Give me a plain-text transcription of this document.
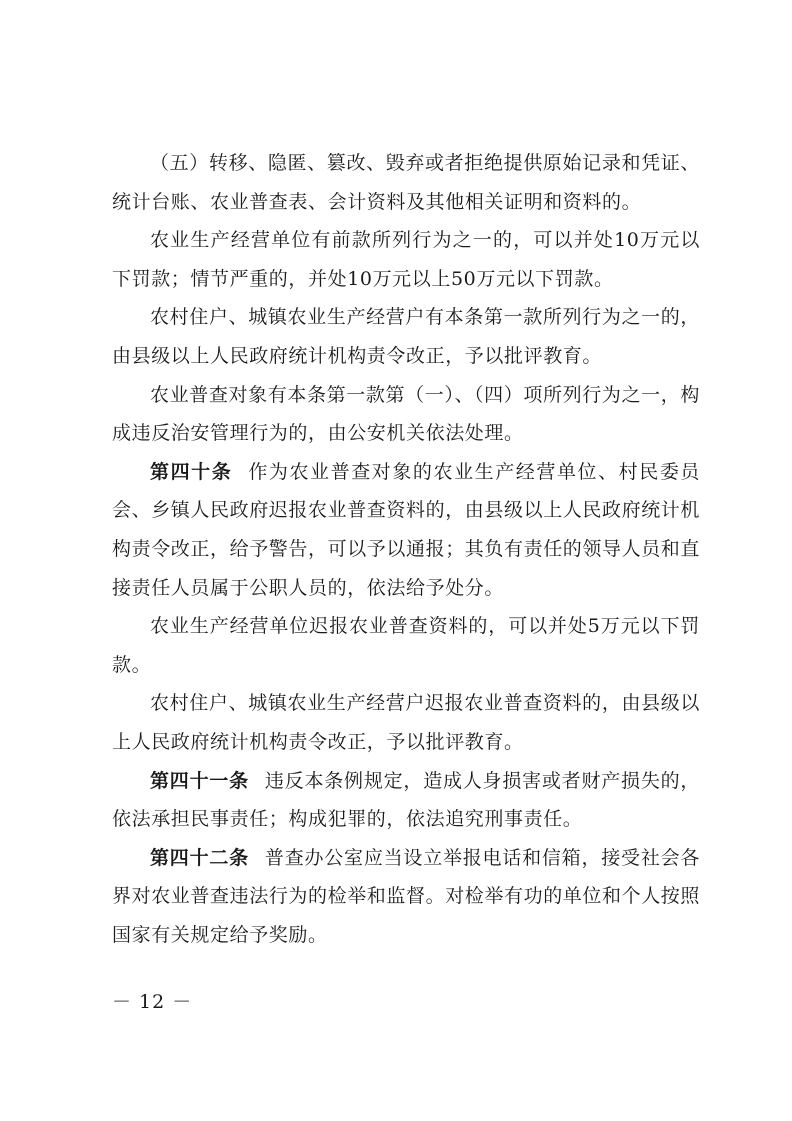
（五）转移、隐匿、篡改、毁弃或者拒绝提供原始记录和凭证、统计台账、农业普查表、会计资料及其他相关证明和资料的。

农业生产经营单位有前款所列行为之一的，可以并处10万元以下罚款；情节严重的，并处10万元以上50万元以下罚款。

农村住户、城镇农业生产经营户有本条第一款所列行为之一的，由县级以上人民政府统计机构责令改正，予以批评教育。

农业普查对象有本条第一款第（一）、（四）项所列行为之一，构成违反治安管理行为的，由公安机关依法处理。

第四十条 作为农业普查对象的农业生产经营单位、村民委员会、乡镇人民政府迟报农业普查资料的，由县级以上人民政府统计机构责令改正，给予警告，可以予以通报；其负有责任的领导人员和直接责任人员属于公职人员的，依法给予处分。

农业生产经营单位迟报农业普查资料的，可以并处5万元以下罚款。

农村住户、城镇农业生产经营户迟报农业普查资料的，由县级以上人民政府统计机构责令改正，予以批评教育。

第四十一条 违反本条例规定，造成人身损害或者财产损失的，依法承担民事责任；构成犯罪的，依法追究刑事责任。

第四十二条 普查办公室应当设立举报电话和信箱，接受社会各界对农业普查违法行为的检举和监督。对检举有功的单位和个人按照国家有关规定给予奖励。

－ 12 －
